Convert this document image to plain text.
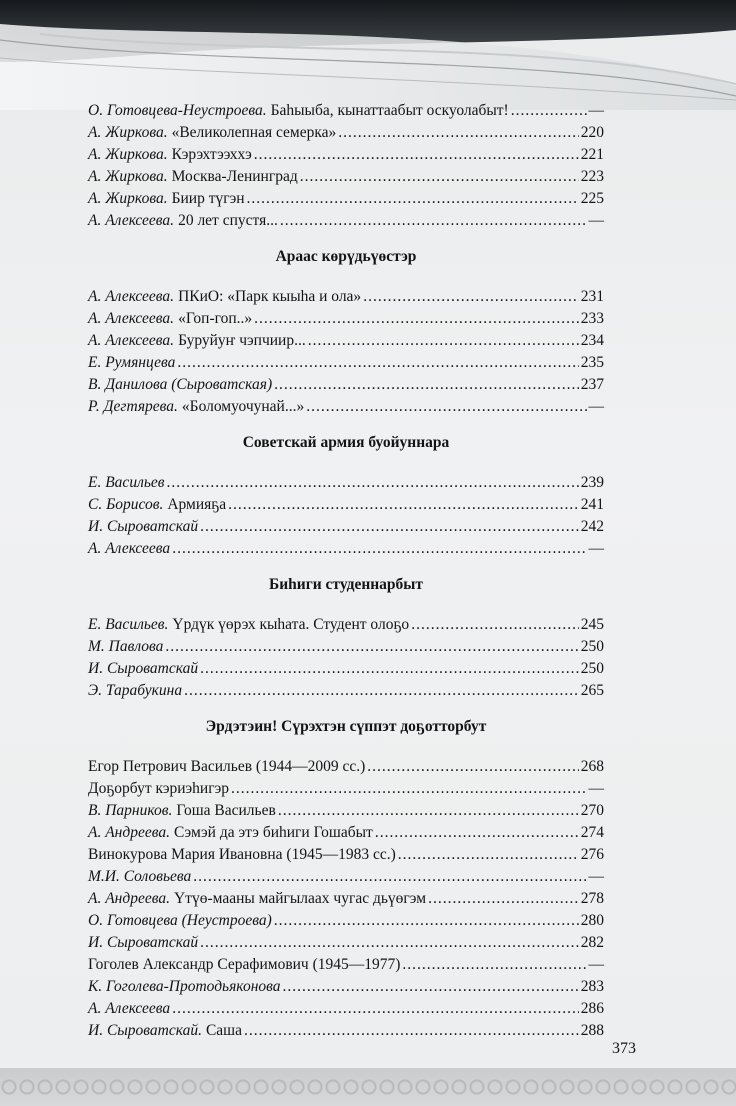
О. Готовцева-Неустроева. Баһыыба, кынаттаабыт оскуолабыт! .....	—
А. Жиркова. «Великолепная семерка» .....	220
А. Жиркова. Кэрэхтээххэ .....	221
А. Жиркова. Москва-Ленинград .....	223
А. Жиркова. Биир түгэн .....	225
А. Алексеева. 20 лет спустя... .....	—
Араас көрүдьүөстэр
А. Алексеева. ПКиО: «Парк кыыһа и ола» .....	231
А. Алексеева. «Гоп-гоп..» .....	233
А. Алексеева. Буруйуҥ чэпчиир... .....	234
Е. Румянцева .....	235
В. Данилова (Сыроватская) .....	237
Р. Дегтярева. «Боломуочунай...» .....	—
Советскай армия буойуннара
Е. Васильев .....	239
С. Борисов. Армияҕа .....	241
И. Сыроватскай .....	242
А. Алексеева .....	—
Биһиги студеннарбыт
Е. Васильев. Үрдүк үөрэх кыһата. Студент олоҕо .....	245
М. Павлова .....	250
И. Сыроватскай .....	250
Э. Тарабукина .....	265
Эрдэтэин! Сүрэхтэн сүппэт доҕотторбут
Егор Петрович Васильев (1944—2009 сс.) .....	268
Доҕорбут кэриэһигэр .....	—
В. Парников. Гоша Васильев .....	270
А. Андреева. Сэмэй да этэ биһиги Гошабыт .....	274
Винокурова Мария Ивановна (1945—1983 сс.) .....	276
М.И. Соловьева .....	—
А. Андреева. Үтүө-мааны майгылаах чугас дьүөгэм .....	278
О. Готовцева (Неустроева) .....	280
И. Сыроватскай .....	282
Гоголев Александр Серафимович (1945—1977) .....	—
К. Гоголева-Протодьяконова .....	283
А. Алексеева .....	286
И. Сыроватскай. Саша .....	288
373
